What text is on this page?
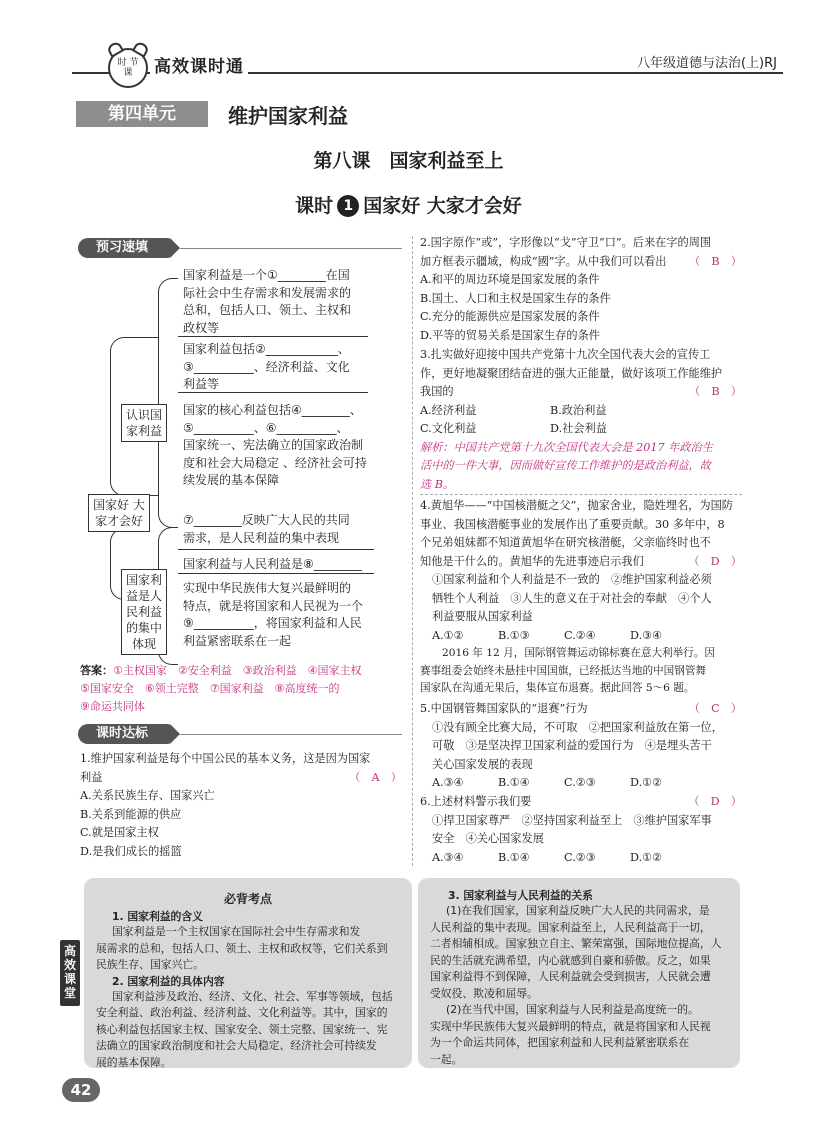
时 节 课	高效课时通	八年级道德与法治(上)RJ
第四单元	维护国家利益
第八课　国家利益至上
课时 1 国家好 大家才会好
预习速填
国家好 大家才会好
认识国家利益
国家利益是人民利益的集中体现
国家利益是一个①________在国
际社会中生存需求和发展需求的
总和，包括人口、领土、主权和
政权等
国家利益包括②____________、
③__________、经济利益、文化
利益等
国家的核心利益包括④________、
⑤__________、⑥__________、
国家统一、宪法确立的国家政治制
度和社会大局稳定 、经济社会可持
续发展的基本保障
⑦________反映广大人民的共同
需求，是人民利益的集中表现
国家利益与人民利益是⑧________
实现中华民族伟大复兴最鲜明的
特点，就是将国家和人民视为一个
⑨__________，将国家利益和人民
利益紧密联系在一起
答案：①主权国家　②安全利益　③政治利益　④国家主权
⑤国家安全　⑥领土完整　⑦国家利益　⑧高度统一的
⑨命运共同体
课时达标
1.维护国家利益是每个中国公民的基本义务，这是因为国家
利益	（　A　）
A.关系民族生存、国家兴亡
B.关系到能源的供应
C.就是国家主权
D.是我们成长的摇篮
2.国字原作“或”，字形像以“戈”守卫“口”。后来在字的周围
加方框表示疆域，构成“國”字。从中我们可以看出 （　B　）
A.和平的周边环境是国家发展的条件
B.国土、人口和主权是国家生存的条件
C.充分的能源供应是国家发展的条件
D.平等的贸易关系是国家生存的条件
3.扎实做好迎接中国共产党第十九次全国代表大会的宣传工
作，更好地凝聚团结奋进的强大正能量，做好该项工作能维护
我国的	（　B　）
A.经济利益	B.政治利益
C.文化利益	D.社会利益
解析：中国共产党第十九次全国代表大会是 2017 年政治生
活中的一件大事，因而做好宣传工作维护的是政治利益，故
选 B。
4.黄旭华——“中国核潜艇之父”，抛家舍业，隐姓埋名，为国防
事业、我国核潜艇事业的发展作出了重要贡献。30 多年中，8
个兄弟姐妹都不知道黄旭华在研究核潜艇，父亲临终时也不
知他是干什么的。黄旭华的先进事迹启示我们	（　D　）
①国家利益和个人利益是不一致的　②维护国家利益必须
牺牲个人利益　③人生的意义在于对社会的奉献　④个人
利益要服从国家利益
A.①②	B.①③	C.②④	D.③④
2016 年 12 月，国际钢管舞运动锦标赛在意大利举行。因
赛事组委会始终未悬挂中国国旗，已经抵达当地的中国钢管舞
国家队在沟通无果后，集体宣布退赛。据此回答 5～6 题。
5.中国钢管舞国家队的“退赛”行为	（　C　）
①没有顾全比赛大局，不可取　②把国家利益放在第一位，
可敬　③是坚决捍卫国家利益的爱国行为　④是埋头苦干
关心国家发展的表现
A.③④	B.①④	C.②③	D.①②
6.上述材料警示我们要	（　D　）
①捍卫国家尊严　②坚持国家利益至上　③维护国家军事
安全　④关心国家发展
A.③④	B.①④	C.②③	D.①②
高效课堂
必背考点
1. 国家利益的含义
国家利益是一个主权国家在国际社会中生存需求和发
展需求的总和，包括人口、领土、主权和政权等，它们关系到
民族生存、国家兴亡。
2. 国家利益的具体内容
国家利益涉及政治、经济、文化、社会、军事等领域，包括
安全利益、政治利益、经济利益、文化利益等。其中，国家的
核心利益包括国家主权、国家安全、领土完整、国家统一、宪
法确立的国家政治制度和社会大局稳定、经济社会可持续发
展的基本保障。
3. 国家利益与人民利益的关系
(1)在我们国家，国家利益反映广大人民的共同需求，是
人民利益的集中表现。国家利益至上，人民利益高于一切，
二者相辅相成。国家独立自主、繁荣富强，国际地位提高，人
民的生活就充满希望，内心就感到自豪和骄傲。反之，如果
国家利益得不到保障，人民利益就会受到损害，人民就会遭
受奴役、欺凌和屈辱。
(2)在当代中国，国家利益与人民利益是高度统一的。
实现中华民族伟大复兴最鲜明的特点，就是将国家和人民视
为一个命运共同体，把国家利益和人民利益紧密联系在
一起。
42
